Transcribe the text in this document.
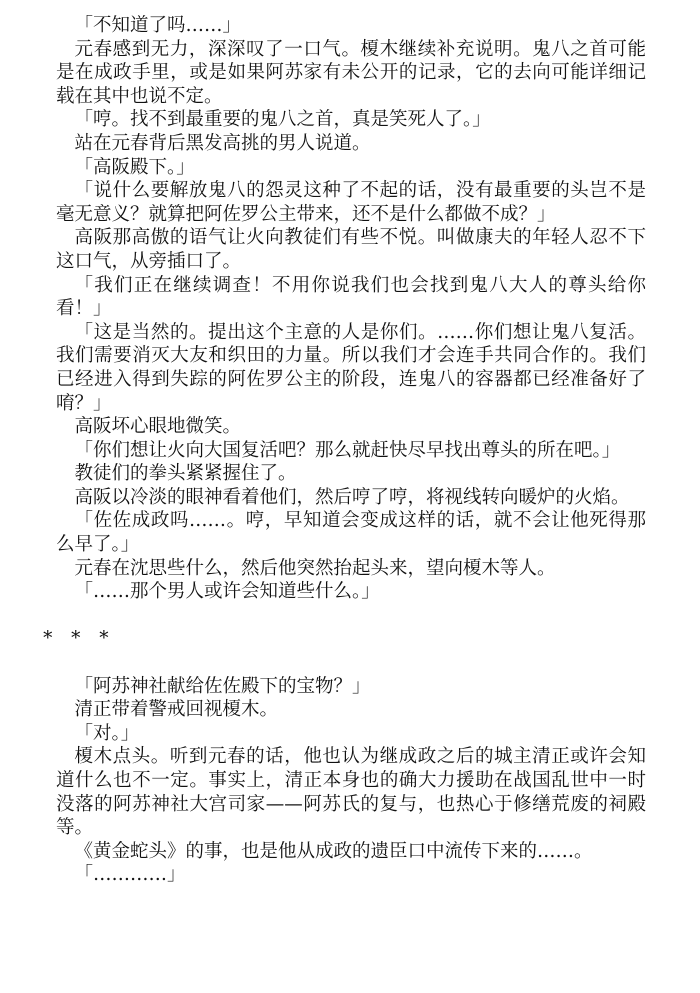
「不知道了吗……」

元春感到无力，深深叹了一口气。榎木继续补充说明。鬼八之首可能是在成政手里，或是如果阿苏家有未公开的记录，它的去向可能详细记载在其中也说不定。

「哼。找不到最重要的鬼八之首，真是笑死人了。」

站在元春背后黑发高挑的男人说道。

「高阪殿下。」

「说什么要解放鬼八的怨灵这种了不起的话，没有最重要的头岂不是毫无意义？就算把阿佐罗公主带来，还不是什么都做不成？」

高阪那高傲的语气让火向教徒们有些不悦。叫做康夫的年轻人忍不下这口气，从旁插口了。

「我们正在继续调查！不用你说我们也会找到鬼八大人的尊头给你看！」

「这是当然的。提出这个主意的人是你们。……你们想让鬼八复活。我们需要消灭大友和织田的力量。所以我们才会连手共同合作的。我们已经进入得到失踪的阿佐罗公主的阶段，连鬼八的容器都已经准备好了唷？」

高阪坏心眼地微笑。

「你们想让火向大国复活吧？那么就赶快尽早找出尊头的所在吧。」

教徒们的拳头紧紧握住了。

高阪以冷淡的眼神看着他们，然后哼了哼，将视线转向暖炉的火焰。

「佐佐成政吗……。哼，早知道会变成这样的话，就不会让他死得那么早了。」

元春在沈思些什么，然后他突然抬起头来，望向榎木等人。

「……那个男人或许会知道些什么。」

* * *

「阿苏神社献给佐佐殿下的宝物？」

清正带着警戒回视榎木。

「对。」

榎木点头。听到元春的话，他也认为继成政之后的城主清正或许会知道什么也不一定。事实上，清正本身也的确大力援助在战国乱世中一时没落的阿苏神社大宫司家——阿苏氏的复与，也热心于修缮荒废的祠殿等。

《黄金蛇头》的事，也是他从成政的遗臣口中流传下来的……。

「…………」
